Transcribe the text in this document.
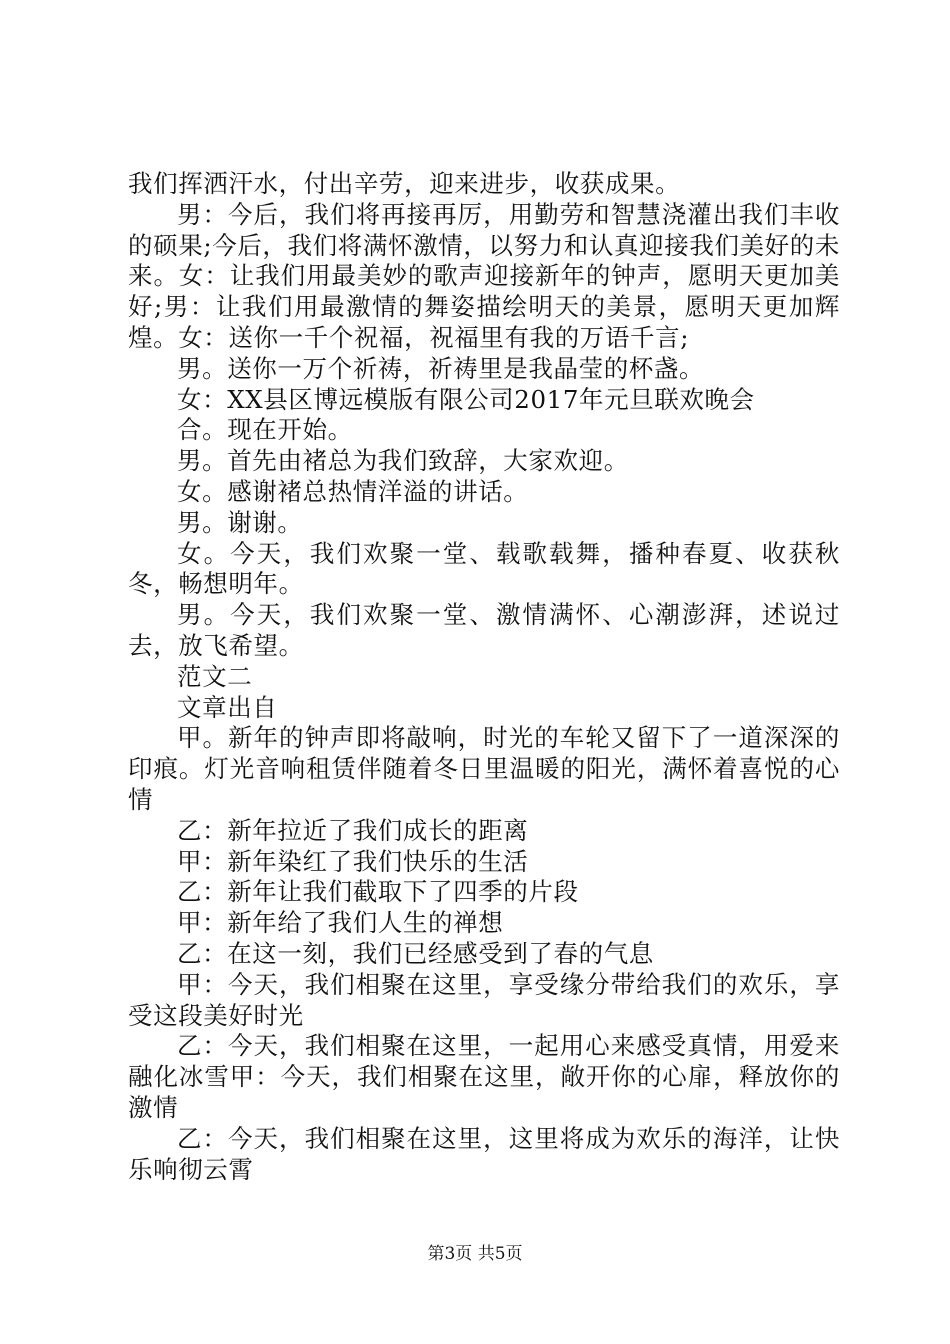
我们挥洒汗水，付出辛劳，迎来进步，收获成果。

男：今后，我们将再接再厉，用勤劳和智慧浇灌出我们丰收的硕果;今后，我们将满怀激情，以努力和认真迎接我们美好的未来。女：让我们用最美妙的歌声迎接新年的钟声，愿明天更加美好;男：让我们用最激情的舞姿描绘明天的美景，愿明天更加辉煌。女：送你一千个祝福，祝福里有我的万语千言;

男。送你一万个祈祷，祈祷里是我晶莹的杯盏。

女：XX县区博远模版有限公司2017年元旦联欢晚会

合。现在开始。

男。首先由褚总为我们致辞，大家欢迎。

女。感谢褚总热情洋溢的讲话。

男。谢谢。

女。今天，我们欢聚一堂、载歌载舞，播种春夏、收获秋冬，畅想明年。

男。今天，我们欢聚一堂、激情满怀、心潮澎湃，述说过去，放飞希望。

范文二

文章出自

甲。新年的钟声即将敲响，时光的车轮又留下了一道深深的印痕。灯光音响租赁伴随着冬日里温暖的阳光，满怀着喜悦的心情

乙：新年拉近了我们成长的距离

甲：新年染红了我们快乐的生活

乙：新年让我们截取下了四季的片段

甲：新年给了我们人生的禅想

乙：在这一刻，我们已经感受到了春的气息

甲：今天，我们相聚在这里，享受缘分带给我们的欢乐，享受这段美好时光

乙：今天，我们相聚在这里，一起用心来感受真情，用爱来融化冰雪甲：今天，我们相聚在这里，敞开你的心扉，释放你的激情

乙：今天，我们相聚在这里，这里将成为欢乐的海洋，让快乐响彻云霄

第3页 共5页
